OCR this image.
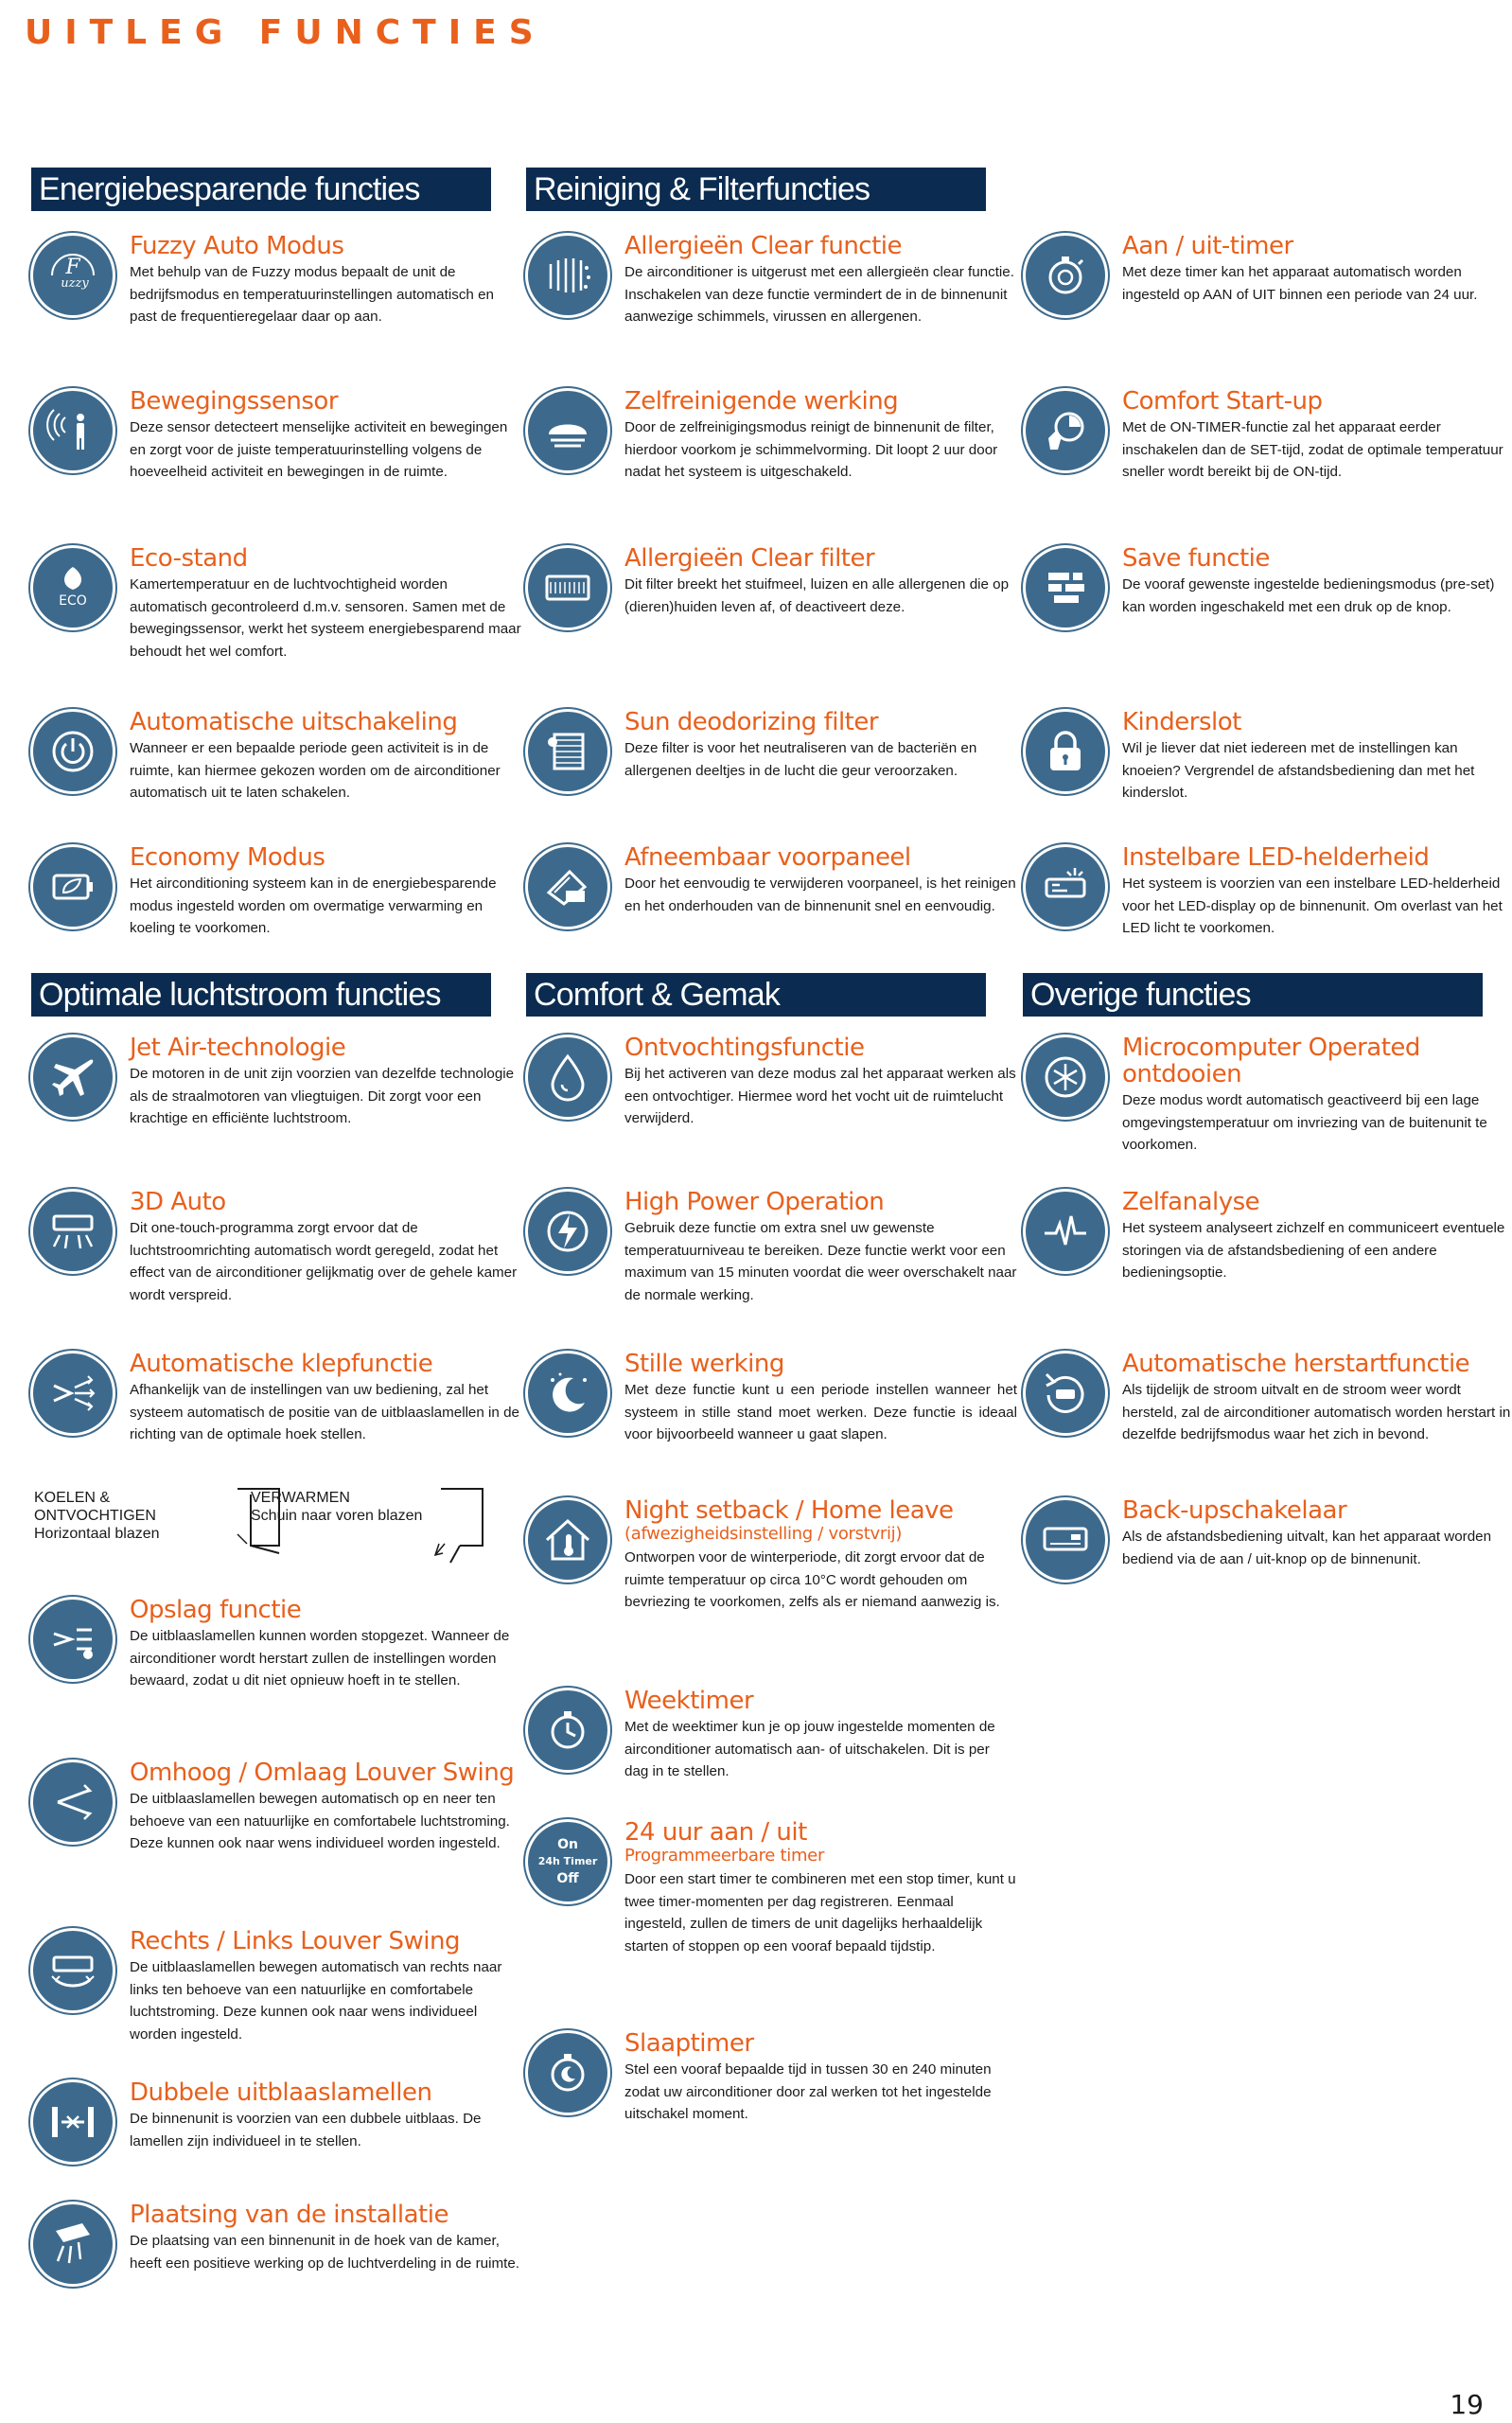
UITLEG FUNCTIES
Energiebesparende functies	Reiniging & Filterfuncties
Optimale luchtstroom functies	Comfort & Gemak	Overige functies
F
uzzy
Fuzzy Auto Modus
Met behulp van de Fuzzy modus bepaalt de unit de bedrijfsmodus en temperatuurinstellingen automatisch en past de frequentieregelaar daar op aan.
Bewegingssensor
Deze sensor detecteert menselijke activiteit en bewegingen en zorgt voor de juiste temperatuurinstelling volgens de hoeveelheid activiteit en bewegingen in de ruimte.
ECO
Eco-stand
Kamertemperatuur en de luchtvochtigheid worden automatisch gecontroleerd d.m.v. sensoren. Samen met de bewegingssensor, werkt het systeem energiebesparend maar behoudt het wel comfort.
Automatische uitschakeling
Wanneer er een bepaalde periode geen activiteit is in de ruimte, kan hiermee gekozen worden om de airconditioner automatisch uit te laten schakelen.
Economy Modus
Het airconditioning systeem kan in de energiebesparende modus ingesteld worden om overmatige verwarming en koeling te voorkomen.
Allergieën Clear functie
De airconditioner is uitgerust met een allergieën clear functie. Inschakelen van deze functie vermindert de in de binnenunit aanwezige schimmels, virussen en allergenen.
Zelfreinigende werking
Door de zelfreinigingsmodus reinigt de binnenunit de filter, hierdoor voorkom je schimmelvorming. Dit loopt 2 uur door nadat het systeem is uitgeschakeld.
Allergieën Clear filter
Dit filter breekt het stuifmeel, luizen en alle allergenen die op (dieren)huiden leven af, of deactiveert deze.
Sun deodorizing filter
Deze filter is voor het neutraliseren van de bacteriën en allergenen deeltjes in de lucht die geur veroorzaken.
Afneembaar voorpaneel
Door het eenvoudig te verwijderen voorpaneel, is het reinigen en het onderhouden van de binnenunit snel en eenvoudig.
Aan / uit-timer
Met deze timer kan het apparaat automatisch worden ingesteld op AAN of UIT binnen een periode van 24 uur.
Comfort Start-up
Met de ON-TIMER-functie zal het apparaat eerder inschakelen dan de SET-tijd, zodat de optimale temperatuur sneller wordt bereikt bij de ON-tijd.
Save functie
De vooraf gewenste ingestelde bedieningsmodus (pre-set) kan worden ingeschakeld met een druk op de knop.
Kinderslot
Wil je liever dat niet iedereen met de instellingen kan knoeien? Vergrendel de afstandsbediening dan met het kinderslot.
Instelbare LED-helderheid
Het systeem is voorzien van een instelbare LED-helderheid voor het LED-display op de binnenunit. Om overlast van het LED licht te voorkomen.
Jet Air-technologie
De motoren in de unit zijn voorzien van dezelfde technologie als de straalmotoren van vliegtuigen. Dit zorgt voor een krachtige en efficiënte luchtstroom.
3D Auto
Dit one-touch-programma zorgt ervoor dat de luchtstroomrichting automatisch wordt geregeld, zodat het effect van de airconditioner gelijkmatig over de gehele kamer wordt verspreid.
Automatische klepfunctie
Afhankelijk van de instellingen van uw bediening, zal het systeem automatisch de positie van de uitblaaslamellen in de richting van de optimale hoek stellen.
KOELEN &
ONTVOCHTIGEN
Horizontaal blazen
VERWARMEN
Schuin naar voren blazen
Opslag functie
De uitblaaslamellen kunnen worden stopgezet. Wanneer de airconditioner wordt herstart zullen de instellingen worden bewaard, zodat u dit niet opnieuw hoeft in te stellen.
Omhoog / Omlaag Louver Swing
De uitblaaslamellen bewegen automatisch op en neer ten behoeve van een natuurlijke en comfortabele luchtstroming. Deze kunnen ook naar wens individueel worden ingesteld.
Rechts / Links Louver Swing
De uitblaaslamellen bewegen automatisch van rechts naar links ten behoeve van een natuurlijke en comfortabele luchtstroming. Deze kunnen ook naar wens individueel worden ingesteld.
Dubbele uitblaaslamellen
De binnenunit is voorzien van een dubbele uitblaas. De lamellen zijn individueel in te stellen.
Plaatsing van de installatie
De plaatsing van een binnenunit in de hoek van de kamer, heeft een positieve werking op de luchtverdeling in de ruimte.
Ontvochtingsfunctie
Bij het activeren van deze modus zal het apparaat werken als een ontvochtiger. Hiermee word het vocht uit de ruimtelucht verwijderd.
High Power Operation
Gebruik deze functie om extra snel uw gewenste temperatuurniveau te bereiken. Deze functie werkt voor een maximum van 15 minuten voordat die weer overschakelt naar de normale werking.
Stille werking
Met deze functie kunt u een periode instellen wanneer het systeem in stille stand moet werken. Deze functie is ideaal voor bijvoorbeeld wanneer u gaat slapen.
Night setback / Home leave
(afwezigheidsinstelling / vorstvrij)
Ontworpen voor de winterperiode, dit zorgt ervoor dat de ruimte temperatuur op circa 10°C wordt gehouden om bevriezing te voorkomen, zelfs als er niemand aanwezig is.
Weektimer
Met de weektimer kun je op jouw ingestelde momenten de airconditioner automatisch aan- of uitschakelen. Dit is per dag in te stellen.
On
24h Timer
Off
24 uur aan / uit
Programmeerbare timer
Door een start timer te combineren met een stop timer, kunt u twee timer-momenten per dag registreren. Eenmaal ingesteld, zullen de timers de unit dagelijks herhaaldelijk starten of stoppen op een vooraf bepaald tijdstip.
Slaaptimer
Stel een vooraf bepaalde tijd in tussen 30 en 240 minuten zodat uw airconditioner door zal werken tot het ingestelde uitschakel moment.
Microcomputer Operated ontdooien
Deze modus wordt automatisch geactiveerd bij een lage omgevingstemperatuur om invriezing van de buitenunit te voorkomen.
Zelfanalyse
Het systeem analyseert zichzelf en communiceert eventuele storingen via de afstandsbediening of een andere bedieningsoptie.
Automatische herstartfunctie
Als tijdelijk de stroom uitvalt en de stroom weer wordt hersteld, zal de airconditioner automatisch worden herstart in dezelfde bedrijfsmodus waar het zich in bevond.
Back-upschakelaar
Als de afstandsbediening uitvalt, kan het apparaat worden bediend via de aan / uit-knop op de binnenunit.
19
